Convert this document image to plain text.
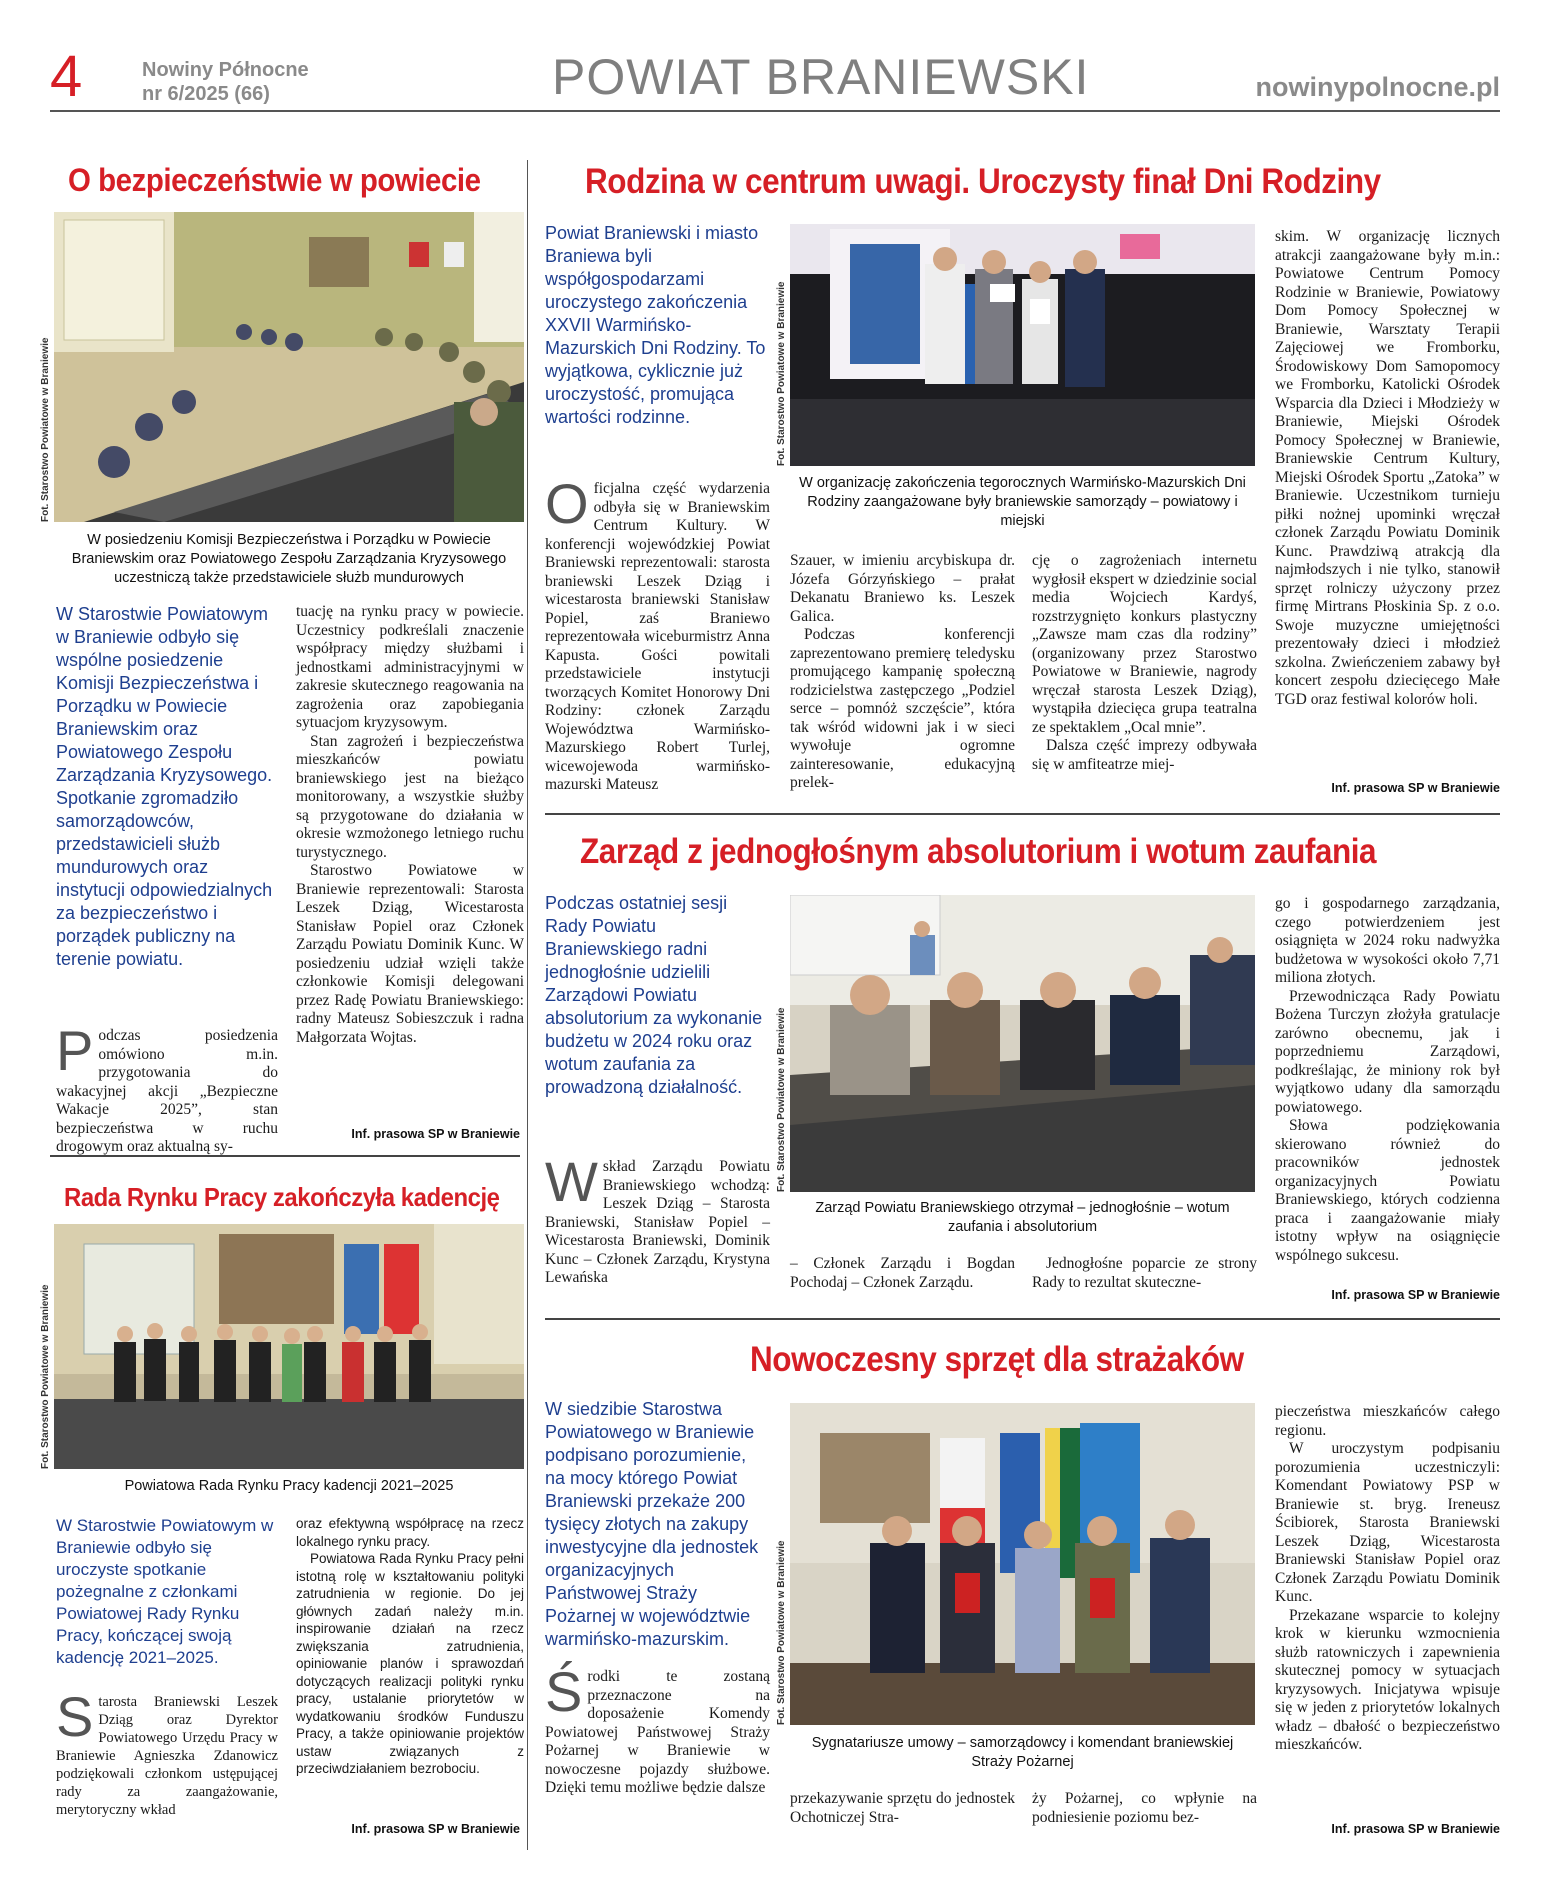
4	Nowiny Północne
nr 6/2025 (66)	POWIAT BRANIEWSKI	nowinypolnocne.pl
O bezpieczeństwie w powiecie
Fot. Starostwo Powiatowe w Braniewie
W posiedzeniu Komisji Bezpieczeństwa i Porządku w Powiecie Braniewskim oraz Powiatowego Zespołu Zarządzania Kryzysowego uczestniczą także przedstawiciele służb mundurowych
W Starostwie Powiatowym w Braniewie odbyło się wspólne posiedzenie Komisji Bezpieczeństwa i Porządku w Powiecie Braniewskim oraz Powiatowego Zespołu Zarządzania Kryzysowego. Spotkanie zgromadziło samorządowców, przedstawicieli służb mundurowych oraz instytucji odpowiedzialnych za bezpieczeństwo i porządek publiczny na terenie powiatu.
P odczas posiedzenia omówiono m.in. przygotowania do wakacyjnej akcji „Bezpieczne Wakacje 2025”, stan bezpieczeństwa w ruchu drogowym oraz aktualną sy-

tuację na rynku pracy w powiecie. Uczestnicy podkreślali znaczenie współpracy między służbami i jednostkami administracyjnymi w zakresie skutecznego reagowania na zagrożenia oraz zapobiegania sytuacjom kryzysowym.

Stan zagrożeń i bezpieczeństwa mieszkańców powiatu braniewskiego jest na bieżąco monitorowany, a wszystkie służby są przygotowane do działania w okresie wzmożonego letniego ruchu turystycznego.

Starostwo Powiatowe w Braniewie reprezentowali: Starosta Leszek Dziąg, Wicestarosta Stanisław Popiel oraz Członek Zarządu Powiatu Dominik Kunc. W posiedzeniu udział wzięli także członkowie Komisji delegowani przez Radę Powiatu Braniewskiego: radny Mateusz Sobieszczuk i radna Małgorzata Wojtas.

Inf. prasowa SP w Braniewie
Rada Rynku Pracy zakończyła kadencję
Fot. Starostwo Powiatowe w Braniewie
Powiatowa Rada Rynku Pracy kadencji 2021–2025
W Starostwie Powiatowym w Braniewie odbyło się uroczyste spotkanie pożegnalne z członkami Powiatowej Rady Rynku Pracy, kończącej swoją kadencję 2021–2025.
S tarosta Braniewski Leszek Dziąg oraz Dyrektor Powiatowego Urzędu Pracy w Braniewie Agnieszka Zdanowicz podziękowali członkom ustępującej rady za zaangażowanie, merytoryczny wkład

oraz efektywną współpracę na rzecz lokalnego rynku pracy.

Powiatowa Rada Rynku Pracy pełni istotną rolę w kształtowaniu polityki zatrudnienia w regionie. Do jej głównych zadań należy m.in. inspirowanie działań na rzecz zwiększania zatrudnienia, opiniowanie planów i sprawozdań dotyczących realizacji polityki rynku pracy, ustalanie priorytetów w wydatkowaniu środków Funduszu Pracy, a także opiniowanie projektów ustaw związanych z przeciwdziałaniem bezrobociu.

Inf. prasowa SP w Braniewie
Rodzina w centrum uwagi. Uroczysty finał Dni Rodziny
Powiat Braniewski i miasto Braniewa byli współgospodarzami uroczystego zakończenia XXVII Warmińsko-Mazurskich Dni Rodziny. To wyjątkowa, cyklicznie już uroczystość, promująca wartości rodzinne.	Fot. Starostwo Powiatowe w Braniewie
W organizację zakończenia tegorocznych Warmińsko-Mazurskich Dni Rodziny zaangażowane były braniewskie samorządy – powiatowy i miejski
O ficjalna część wydarzenia odbyła się w Braniewskim Centrum Kultury. W konferencji wojewódzkiej Powiat Braniewski reprezentowali: starosta braniewski Leszek Dziąg i wicestarosta braniewski Stanisław Popiel, zaś Braniewo reprezentowała wiceburmistrz Anna Kapusta. Gości powitali przedstawiciele instytucji tworzących Komitet Honorowy Dni Rodziny: członek Zarządu Województwa Warmińsko-Mazurskiego Robert Turlej, wicewojewoda warmińsko-mazurski Mateusz

Szauer, w imieniu arcybiskupa dr. Józefa Górzyńskiego – prałat Dekanatu Braniewo ks. Leszek Galica.

Podczas konferencji zaprezentowano premierę teledysku promującego kampanię społeczną rodzicielstwa zastępczego „Podziel serce – pomnóż szczęście”, która tak wśród widowni jak i w sieci wywołuje ogromne zainteresowanie, edukacyjną prelek-

cję o zagrożeniach internetu wygłosił ekspert w dziedzinie social media Wojciech Kardyś, rozstrzygnięto konkurs plastyczny „Zawsze mam czas dla rodziny” (organizowany przez Starostwo Powiatowe w Braniewie, nagrody wręczał starosta Leszek Dziąg), wystąpiła dziecięca grupa teatralna ze spektaklem „Ocal mnie”.

Dalsza część imprezy odbywała się w amfiteatrze miej-

skim. W organizację licznych atrakcji zaangażowane były m.in.: Powiatowe Centrum Pomocy Rodzinie w Braniewie, Powiatowy Dom Pomocy Społecznej w Braniewie, Warsztaty Terapii Zajęciowej we Fromborku, Środowiskowy Dom Samopomocy we Fromborku, Katolicki Ośrodek Wsparcia dla Dzieci i Młodzieży w Braniewie, Miejski Ośrodek Pomocy Społecznej w Braniewie, Braniewskie Centrum Kultury, Miejski Ośrodek Sportu „Zatoka” w Braniewie. Uczestnikom turnieju piłki nożnej upominki wręczał członek Zarządu Powiatu Dominik Kunc. Prawdziwą atrakcją dla najmłodszych i nie tylko, stanowił sprzęt rolniczy użyczony przez firmę Mirtrans Płoskinia Sp. z o.o. Swoje muzyczne umiejętności prezentowały dzieci i młodzież szkolna. Zwieńczeniem zabawy był koncert zespołu dziecięcego Małe TGD oraz festiwal kolorów holi.

Inf. prasowa SP w Braniewie
Zarząd z jednogłośnym absolutorium i wotum zaufania
Podczas ostatniej sesji Rady Powiatu Braniewskiego radni jednogłośnie udzielili Zarządowi Powiatu absolutorium za wykonanie budżetu w 2024 roku oraz wotum zaufania za prowadzoną działalność.	Fot. Starostwo Powiatowe w Braniewie
Zarząd Powiatu Braniewskiego otrzymał – jednogłośnie – wotum zaufania i absolutorium
W skład Zarządu Powiatu Braniewskiego wchodzą: Leszek Dziąg – Starosta Braniewski, Stanisław Popiel – Wicestarosta Braniewski, Dominik Kunc – Członek Zarządu, Krystyna Lewańska

– Członek Zarządu i Bogdan Pochodaj – Członek Zarządu.

Jednogłośne poparcie ze strony Rady to rezultat skuteczne-

go i gospodarnego zarządzania, czego potwierdzeniem jest osiągnięta w 2024 roku nadwyżka budżetowa w wysokości około 7,71 miliona złotych.

Przewodnicząca Rady Powiatu Bożena Turczyn złożyła gratulacje zarówno obecnemu, jak i poprzedniemu Zarządowi, podkreślając, że miniony rok był wyjątkowo udany dla samorządu powiatowego.

Słowa podziękowania skierowano również do pracowników jednostek organizacyjnych Powiatu Braniewskiego, których codzienna praca i zaangażowanie miały istotny wpływ na osiągnięcie wspólnego sukcesu.

Inf. prasowa SP w Braniewie
Nowoczesny sprzęt dla strażaków
W siedzibie Starostwa Powiatowego w Braniewie podpisano porozumienie, na mocy którego Powiat Braniewski przekaże 200 tysięcy złotych na zakupy inwestycyjne dla jednostek organizacyjnych Państwowej Straży Pożarnej w województwie warmińsko-mazurskim.	Fot. Starostwo Powiatowe w Braniewie
Sygnatariusze umowy – samorządowcy i komendant braniewskiej Straży Pożarnej
Ś rodki te zostaną przeznaczone na doposażenie Komendy Powiatowej Państwowej Straży Pożarnej w Braniewie w nowoczesne pojazdy służbowe. Dzięki temu możliwe będzie dalsze

przekazywanie sprzętu do jednostek Ochotniczej Stra-

ży Pożarnej, co wpłynie na podniesienie poziomu bez-

pieczeństwa mieszkańców całego regionu.

W uroczystym podpisaniu porozumienia uczestniczyli: Komendant Powiatowy PSP w Braniewie st. bryg. Ireneusz Ścibiorek, Starosta Braniewski Leszek Dziąg, Wicestarosta Braniewski Stanisław Popiel oraz Członek Zarządu Powiatu Dominik Kunc.

Przekazane wsparcie to kolejny krok w kierunku wzmocnienia służb ratowniczych i zapewnienia skutecznej pomocy w sytuacjach kryzysowych. Inicjatywa wpisuje się w jeden z priorytetów lokalnych władz – dbałość o bezpieczeństwo mieszkańców.

Inf. prasowa SP w Braniewie
